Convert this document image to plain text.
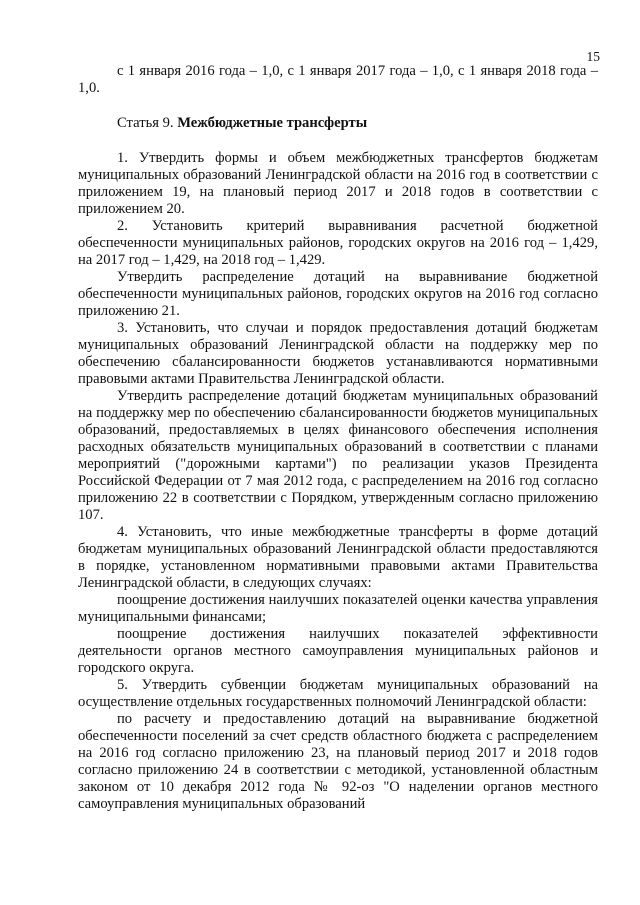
15

с 1 января 2016 года – 1,0, с 1 января 2017 года – 1,0, с 1 января 2018 года – 1,0.

Статья 9. Межбюджетные трансферты

1. Утвердить формы и объем межбюджетных трансфертов бюджетам муниципальных образований Ленинградской области на 2016 год в соответствии с приложением 19, на плановый период 2017 и 2018 годов в соответствии с приложением 20.

2. Установить критерий выравнивания расчетной бюджетной обеспеченности муниципальных районов, городских округов на 2016 год – 1,429, на 2017 год – 1,429, на 2018 год – 1,429.

Утвердить распределение дотаций на выравнивание бюджетной обеспеченности муниципальных районов, городских округов на 2016 год согласно приложению 21.

3. Установить, что случаи и порядок предоставления дотаций бюджетам муниципальных образований Ленинградской области на поддержку мер по обеспечению сбалансированности бюджетов устанавливаются нормативными правовыми актами Правительства Ленинградской области.

Утвердить распределение дотаций бюджетам муниципальных образований на поддержку мер по обеспечению сбалансированности бюджетов муниципальных образований, предоставляемых в целях финансового обеспечения исполнения расходных обязательств муниципальных образований в соответствии с планами мероприятий ("дорожными картами") по реализации указов Президента Российской Федерации от 7 мая 2012 года, с распределением на 2016 год согласно приложению 22 в соответствии с Порядком, утвержденным согласно приложению 107.

4. Установить, что иные межбюджетные трансферты в форме дотаций бюджетам муниципальных образований Ленинградской области предоставляются в порядке, установленном нормативными правовыми актами Правительства Ленинградской области, в следующих случаях:

поощрение достижения наилучших показателей оценки качества управления муниципальными финансами;

поощрение достижения наилучших показателей эффективности деятельности органов местного самоуправления муниципальных районов и городского округа.

5. Утвердить субвенции бюджетам муниципальных образований на осуществление отдельных государственных полномочий Ленинградской области:

по расчету и предоставлению дотаций на выравнивание бюджетной обеспеченности поселений за счет средств областного бюджета с распределением на 2016 год согласно приложению 23, на плановый период 2017 и 2018 годов согласно приложению 24 в соответствии с методикой, установленной областным законом от 10 декабря 2012 года № 92-оз "О наделении органов местного самоуправления муниципальных образований
